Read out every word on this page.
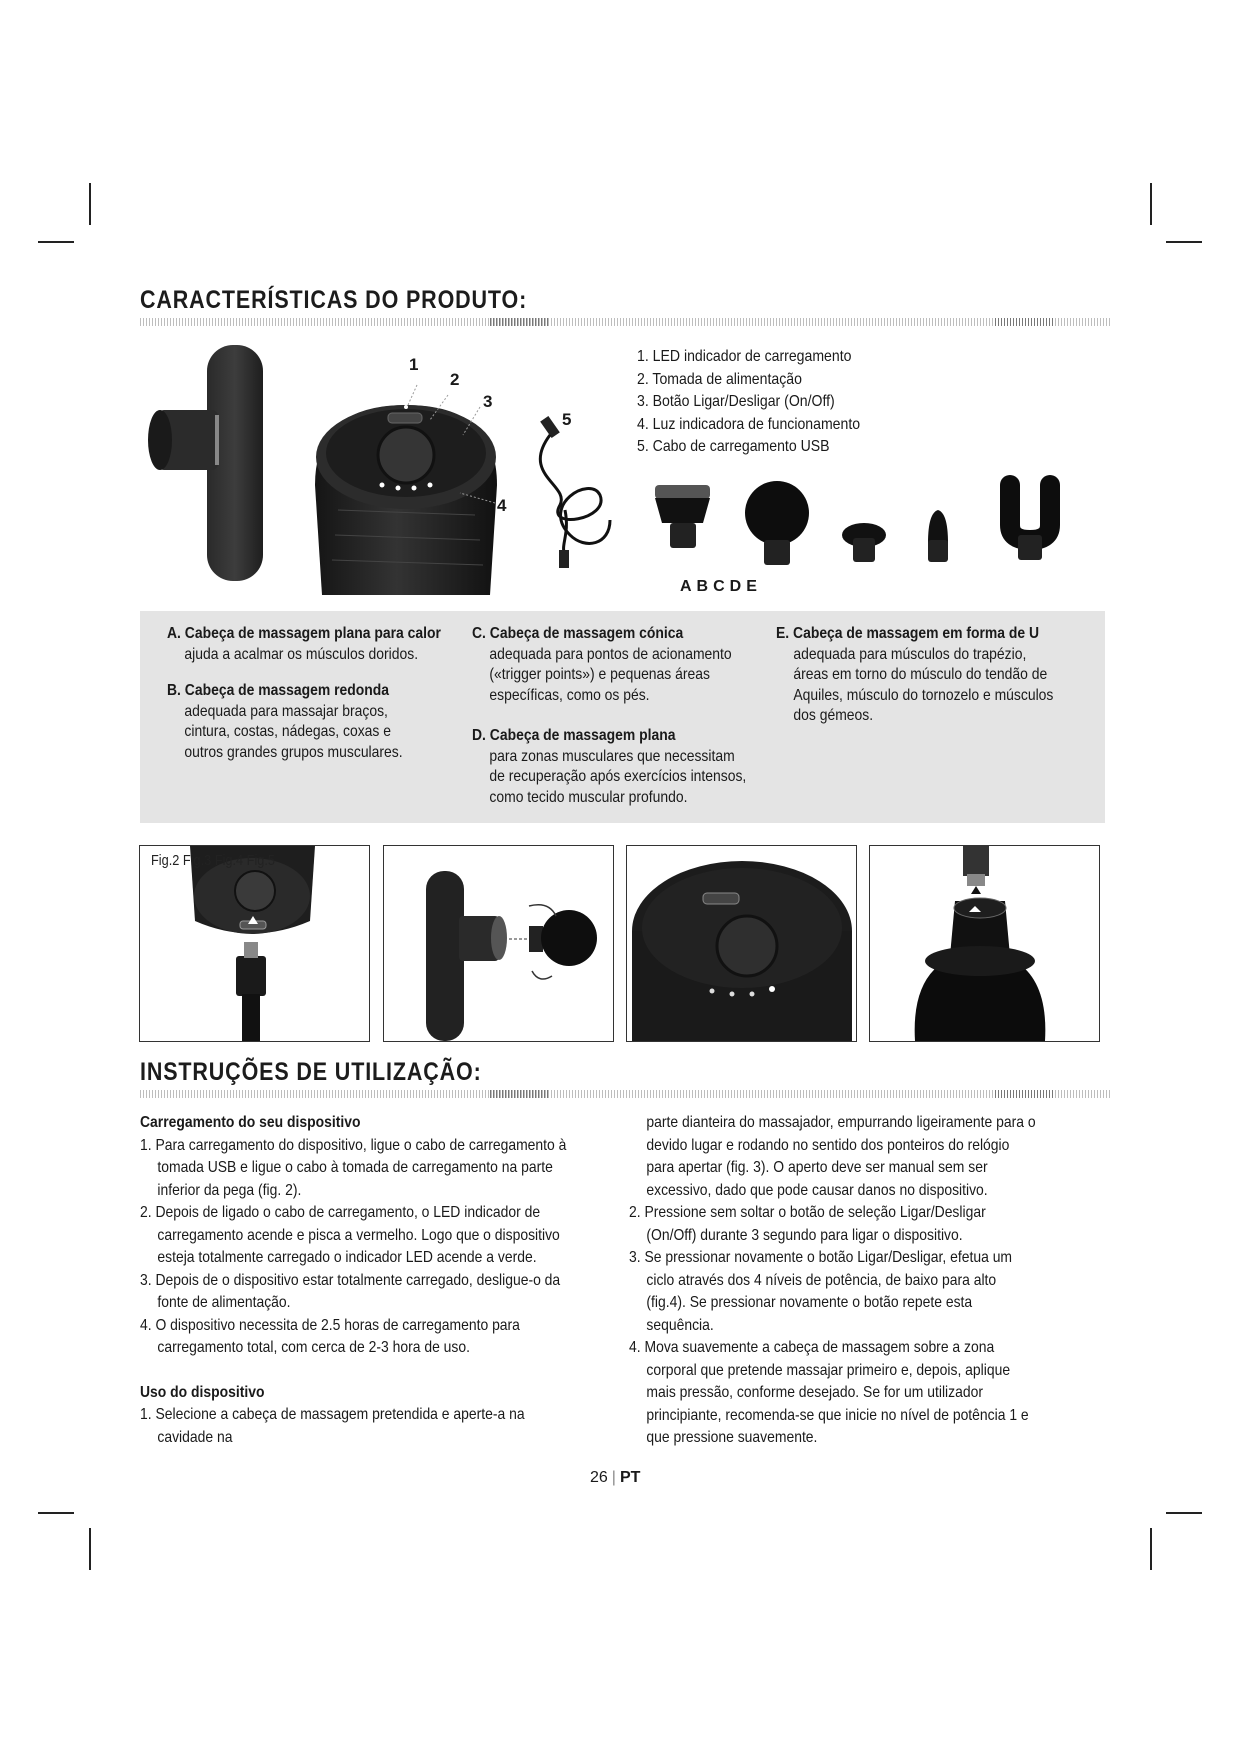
CARACTERÍSTICAS DO PRODUTO:
1
2
3
4
5
1. LED indicador de carregamento
2. Tomada de alimentação
3. Botão Ligar/Desligar (On/Off)
4. Luz indicadora de funcionamento
5. Cabo de carregamento USB
ABCDE
A. Cabeça de massagem plana para calor
ajuda a acalmar os músculos doridos.
B. Cabeça de massagem redonda
adequada para massajar braços, cintura, costas, nádegas, coxas e outros grandes grupos musculares.
C. Cabeça de massagem cónica
adequada para pontos de acionamento («trigger points») e pequenas áreas específicas, como os pés.
D. Cabeça de massagem plana
para zonas musculares que necessitam de recuperação após exercícios intensos, como tecido muscular profundo.
E. Cabeça de massagem em forma de U
adequada para músculos do trapézio, áreas em torno do músculo do tendão de Aquiles, músculo do tornozelo e músculos dos gémeos.
Fig.2 Fig.3 Fig.4 Fig.5
INSTRUÇÕES DE UTILIZAÇÃO:

Carregamento do seu dispositivo

1. Para carregamento do dispositivo, ligue o cabo de carregamento à tomada USB e ligue o cabo à tomada de carregamento na parte inferior da pega (fig. 2).

2. Depois de ligado o cabo de carregamento, o LED indicador de carregamento acende e pisca a vermelho. Logo que o dispositivo esteja totalmente carregado o indicador LED acende a verde.

3. Depois de o dispositivo estar totalmente carregado, desligue-o da fonte de alimentação.

4. O dispositivo necessita de 2.5 horas de carregamento para carregamento total, com cerca de 2-3 hora de uso.

Uso do dispositivo

1. Selecione a cabeça de massagem pretendida e aperte-a na cavidade na

parte dianteira do massajador, empurrando ligeiramente para o devido lugar e rodando no sentido dos ponteiros do relógio para apertar (fig. 3). O aperto deve ser manual sem ser excessivo, dado que pode causar danos no dispositivo.

2. Pressione sem soltar o botão de seleção Ligar/Desligar (On/Off) durante 3 segundo para ligar o dispositivo.

3. Se pressionar novamente o botão Ligar/Desligar, efetua um ciclo através dos 4 níveis de potência, de baixo para alto (fig.4). Se pressionar novamente o botão repete esta sequência.

4. Mova suavemente a cabeça de massagem sobre a zona corporal que pretende massajar primeiro e, depois, aplique mais pressão, conforme desejado. Se for um utilizador principiante, recomenda-se que inicie no nível de potência 1 e que pressione suavemente.

26 | PT
